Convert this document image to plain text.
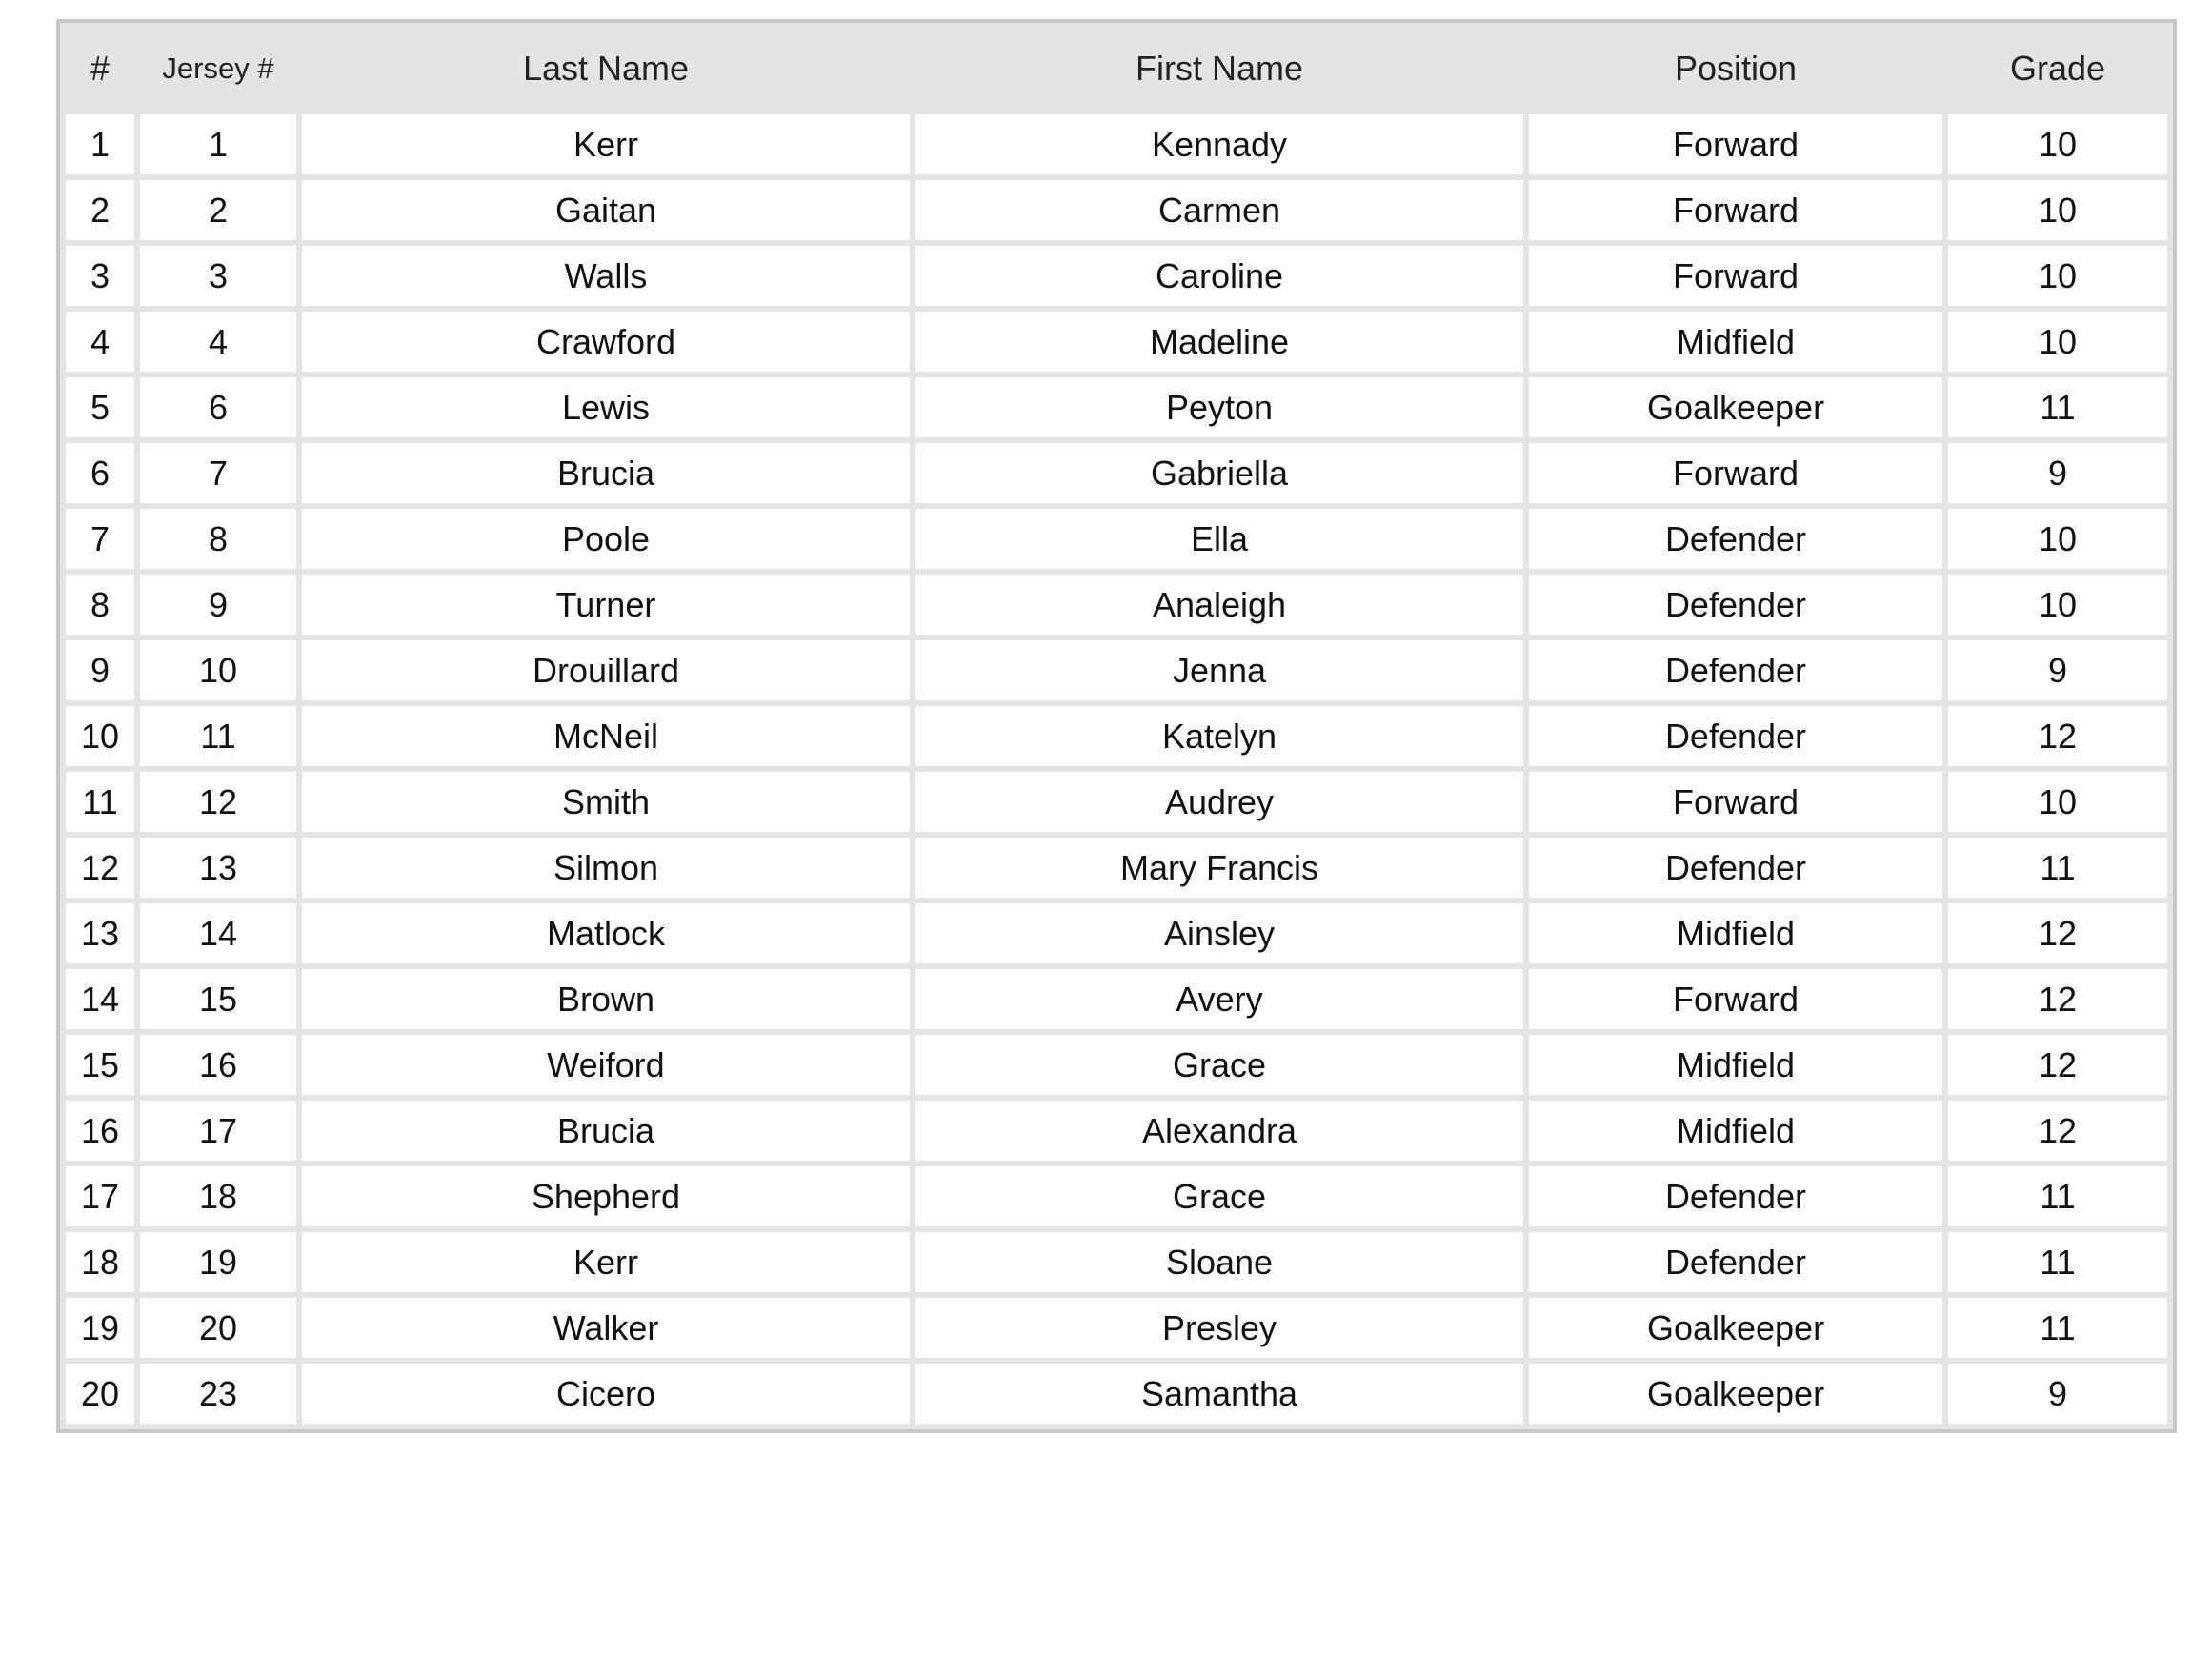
#	Jersey #	Last Name	First Name	Position	Grade
1	1	Kerr	Kennady	Forward	10
2	2	Gaitan	Carmen	Forward	10
3	3	Walls	Caroline	Forward	10
4	4	Crawford	Madeline	Midfield	10
5	6	Lewis	Peyton	Goalkeeper	11
6	7	Brucia	Gabriella	Forward	9
7	8	Poole	Ella	Defender	10
8	9	Turner	Analeigh	Defender	10
9	10	Drouillard	Jenna	Defender	9
10	11	McNeil	Katelyn	Defender	12
11	12	Smith	Audrey	Forward	10
12	13	Silmon	Mary Francis	Defender	11
13	14	Matlock	Ainsley	Midfield	12
14	15	Brown	Avery	Forward	12
15	16	Weiford	Grace	Midfield	12
16	17	Brucia	Alexandra	Midfield	12
17	18	Shepherd	Grace	Defender	11
18	19	Kerr	Sloane	Defender	11
19	20	Walker	Presley	Goalkeeper	11
20	23	Cicero	Samantha	Goalkeeper	9
